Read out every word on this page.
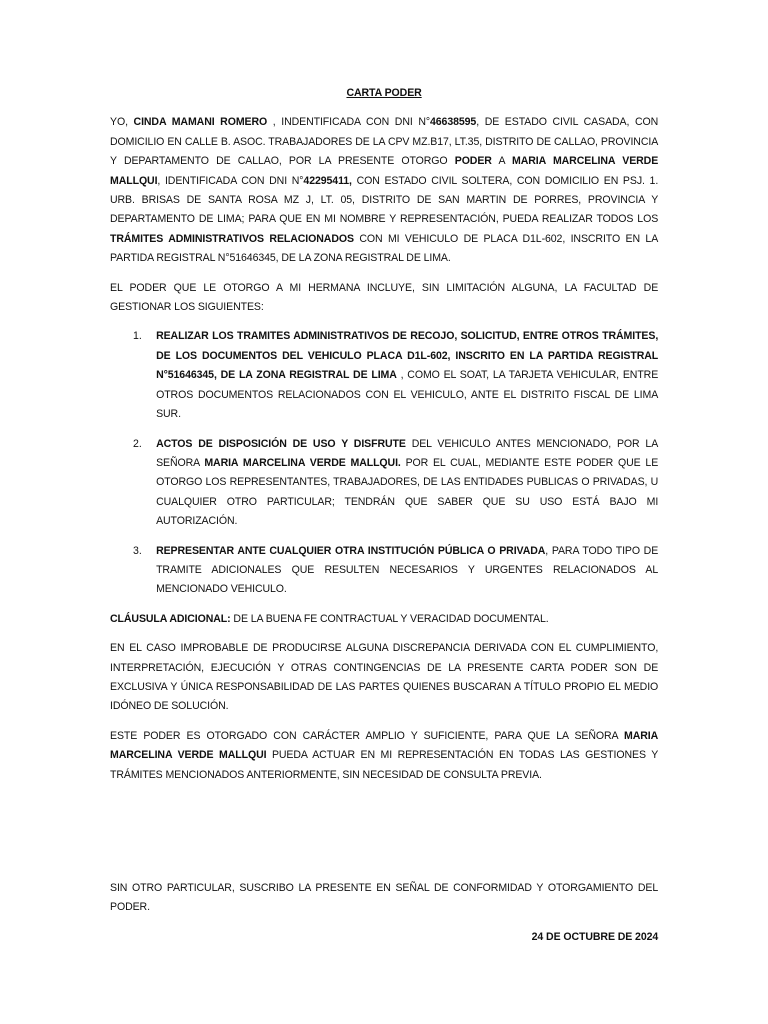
CARTA PODER

YO, CINDA MAMANI ROMERO , INDENTIFICADA CON DNI N°46638595, DE ESTADO CIVIL CASADA, CON DOMICILIO EN CALLE B. ASOC. TRABAJADORES DE LA CPV MZ.B17, LT.35, DISTRITO DE CALLAO, PROVINCIA Y DEPARTAMENTO DE CALLAO, POR LA PRESENTE OTORGO PODER A MARIA MARCELINA VERDE MALLQUI, IDENTIFICADA CON DNI N°42295411, CON ESTADO CIVIL SOLTERA, CON DOMICILIO EN PSJ. 1. URB. BRISAS DE SANTA ROSA MZ J, LT. 05, DISTRITO DE SAN MARTIN DE PORRES, PROVINCIA Y DEPARTAMENTO DE LIMA; PARA QUE EN MI NOMBRE Y REPRESENTACIÓN, PUEDA REALIZAR TODOS LOS TRÁMITES ADMINISTRATIVOS RELACIONADOS CON MI VEHICULO DE PLACA D1L-602, INSCRITO EN LA PARTIDA REGISTRAL N°51646345, DE LA ZONA REGISTRAL DE LIMA.

EL PODER QUE LE OTORGO A MI HERMANA INCLUYE, SIN LIMITACIÓN ALGUNA, LA FACULTAD DE GESTIONAR LOS SIGUIENTES:

1. REALIZAR LOS TRAMITES ADMINISTRATIVOS DE RECOJO, SOLICITUD, ENTRE OTROS TRÁMITES, DE LOS DOCUMENTOS DEL VEHICULO PLACA D1L-602, INSCRITO EN LA PARTIDA REGISTRAL N°51646345, DE LA ZONA REGISTRAL DE LIMA , COMO EL SOAT, LA TARJETA VEHICULAR, ENTRE OTROS DOCUMENTOS RELACIONADOS CON EL VEHICULO, ANTE EL DISTRITO FISCAL DE LIMA SUR.
2. ACTOS DE DISPOSICIÓN DE USO Y DISFRUTE DEL VEHICULO ANTES MENCIONADO, POR LA SEÑORA MARIA MARCELINA VERDE MALLQUI. POR EL CUAL, MEDIANTE ESTE PODER QUE LE OTORGO LOS REPRESENTANTES, TRABAJADORES, DE LAS ENTIDADES PUBLICAS O PRIVADAS, U CUALQUIER OTRO PARTICULAR; TENDRÁN QUE SABER QUE SU USO ESTÁ BAJO MI AUTORIZACIÓN.
3. REPRESENTAR ANTE CUALQUIER OTRA INSTITUCIÓN PÚBLICA O PRIVADA, PARA TODO TIPO DE TRAMITE ADICIONALES QUE RESULTEN NECESARIOS Y URGENTES RELACIONADOS AL MENCIONADO VEHICULO.

CLÁUSULA ADICIONAL: DE LA BUENA FE CONTRACTUAL Y VERACIDAD DOCUMENTAL.

EN EL CASO IMPROBABLE DE PRODUCIRSE ALGUNA DISCREPANCIA DERIVADA CON EL CUMPLIMIENTO, INTERPRETACIÓN, EJECUCIÓN Y OTRAS CONTINGENCIAS DE LA PRESENTE CARTA PODER SON DE EXCLUSIVA Y ÚNICA RESPONSABILIDAD DE LAS PARTES QUIENES BUSCARAN A TÍTULO PROPIO EL MEDIO IDÓNEO DE SOLUCIÓN.

ESTE PODER ES OTORGADO CON CARÁCTER AMPLIO Y SUFICIENTE, PARA QUE LA SEÑORA MARIA MARCELINA VERDE MALLQUI PUEDA ACTUAR EN MI REPRESENTACIÓN EN TODAS LAS GESTIONES Y TRÁMITES MENCIONADOS ANTERIORMENTE, SIN NECESIDAD DE CONSULTA PREVIA.

SIN OTRO PARTICULAR, SUSCRIBO LA PRESENTE EN SEÑAL DE CONFORMIDAD Y OTORGAMIENTO DEL PODER.

24 DE OCTUBRE DE 2024
